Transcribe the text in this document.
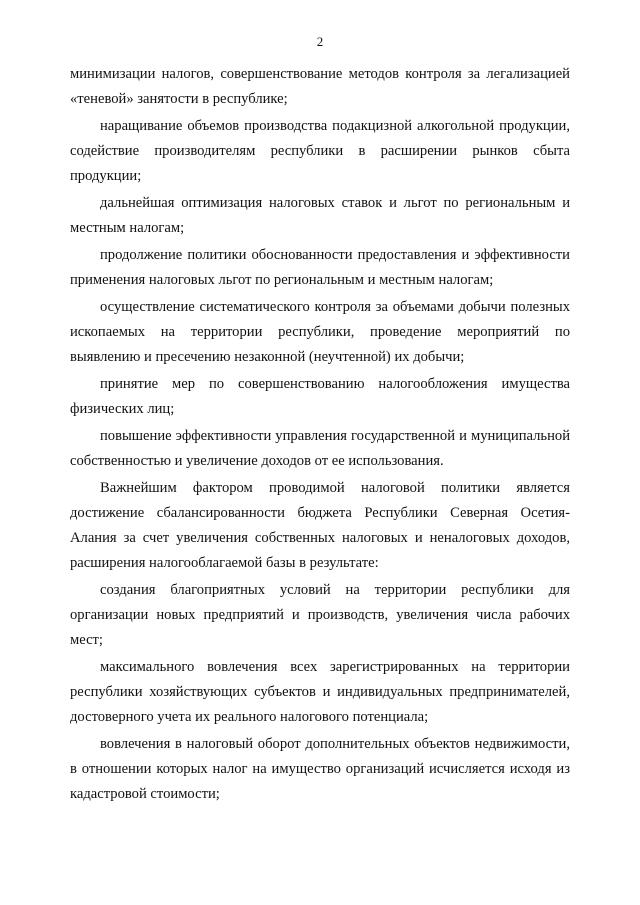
2

минимизации налогов, совершенствование методов контроля за легализацией «теневой» занятости в республике;

наращивание объемов производства подакцизной алкогольной продукции, содействие производителям республики в расширении рынков сбыта продукции;

дальнейшая оптимизация налоговых ставок и льгот по региональным и местным налогам;

продолжение политики обоснованности предоставления и эффективности применения налоговых льгот по региональным и местным налогам;

осуществление систематического контроля за объемами добычи полезных ископаемых на территории республики, проведение мероприятий по выявлению и пресечению незаконной (неучтенной) их добычи;

принятие мер по совершенствованию налогообложения имущества физических лиц;

повышение эффективности управления государственной и муниципальной собственностью и увеличение доходов от ее использования.

Важнейшим фактором проводимой налоговой политики является достижение сбалансированности бюджета Республики Северная Осетия-Алания за счет увеличения собственных налоговых и неналоговых доходов, расширения налогооблагаемой базы в результате:

создания благоприятных условий на территории республики для организации новых предприятий и производств, увеличения числа рабочих мест;

максимального вовлечения всех зарегистрированных на территории республики хозяйствующих субъектов и индивидуальных предпринимателей, достоверного учета их реального налогового потенциала;

вовлечения в налоговый оборот дополнительных объектов недвижимости, в отношении которых налог на имущество организаций исчисляется исходя из кадастровой стоимости;
